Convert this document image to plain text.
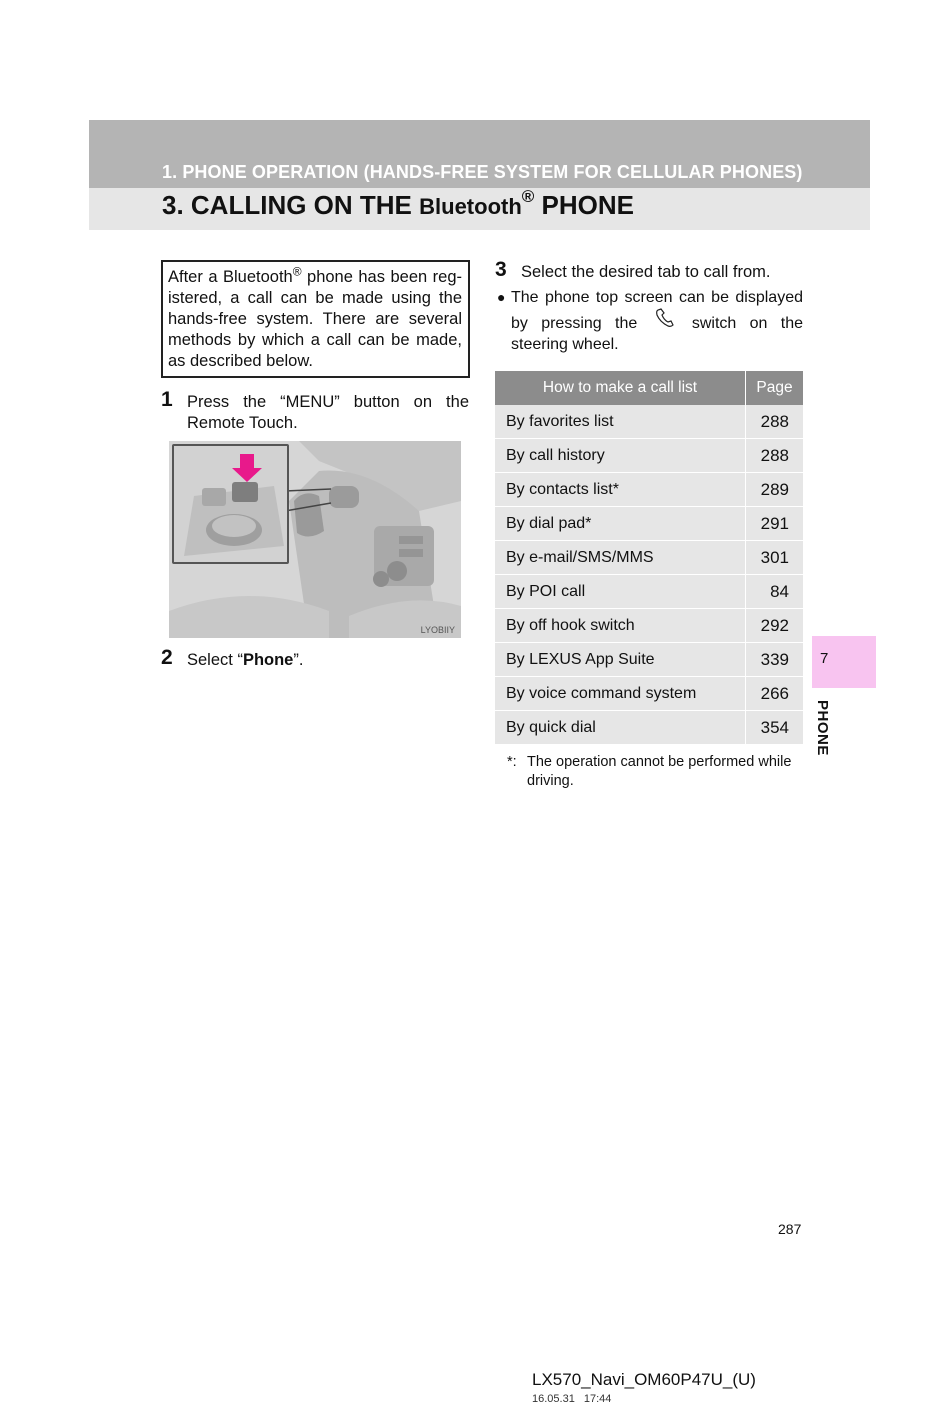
1. PHONE OPERATION (HANDS-FREE SYSTEM FOR CELLULAR PHONES)
3. CALLING ON THE Bluetooth® PHONE
After a Bluetooth® phone has been reg-istered, a call can be made using the hands-free system. There are several methods by which a call can be made, as described below.
1 Press the “MENU” button on the Remote Touch.
LYOBIIY
2 Select “Phone”.
3 Select the desired tab to call from.
● The phone top screen can be displayed by pressing the	switch on the steering wheel.
How to make a call list	Page
By favorites list	288
By call history	288
By contacts list*	289
By dial pad*	291
By e-mail/SMS/MMS	301
By POI call	84
By off hook switch	292
By LEXUS App Suite	339
By voice command system	266
By quick dial	354
*: The operation cannot be performed while driving.
7
PHONE
287
LX570_Navi_OM60P47U_(U)
16.05.31 17:44
